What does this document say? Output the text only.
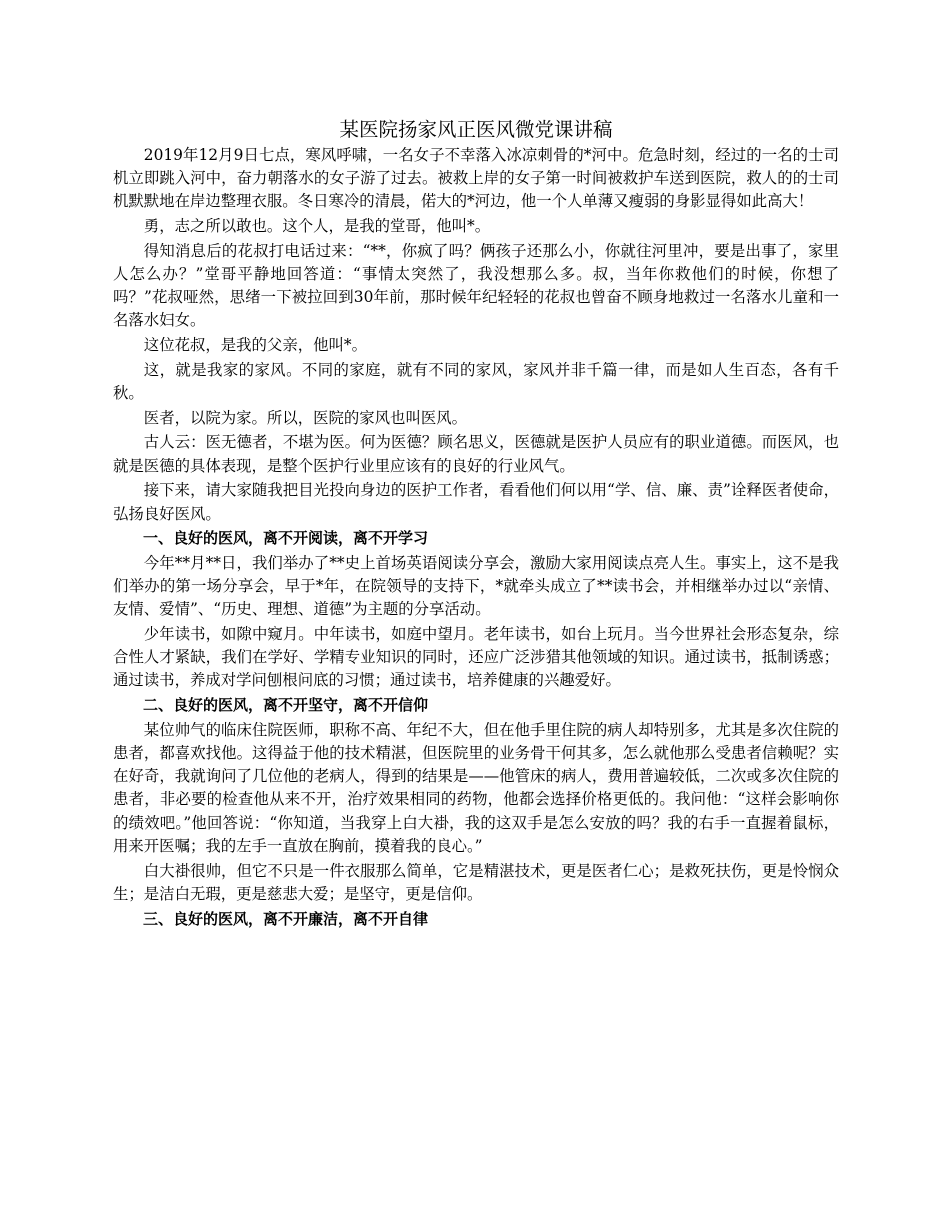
某医院扬家风正医风微党课讲稿

2019年12月9日七点，寒风呼啸，一名女子不幸落入冰凉刺骨的*河中。危急时刻，经过的一名的士司机立即跳入河中，奋力朝落水的女子游了过去。被救上岸的女子第一时间被救护车送到医院，救人的的士司机默默地在岸边整理衣服。冬日寒冷的清晨，偌大的*河边，他一个人单薄又瘦弱的身影显得如此高大！

勇，志之所以敢也。这个人，是我的堂哥，他叫*。

得知消息后的花叔打电话过来：“**，你疯了吗？俩孩子还那么小，你就往河里冲，要是出事了，家里人怎么办？”堂哥平静地回答道：“事情太突然了，我没想那么多。叔，当年你救他们的时候，你想了吗？”花叔哑然，思绪一下被拉回到30年前，那时候年纪轻轻的花叔也曾奋不顾身地救过一名落水儿童和一名落水妇女。

这位花叔，是我的父亲，他叫*。

这，就是我家的家风。不同的家庭，就有不同的家风，家风并非千篇一律，而是如人生百态，各有千秋。

医者，以院为家。所以，医院的家风也叫医风。

古人云：医无德者，不堪为医。何为医德？顾名思义，医德就是医护人员应有的职业道德。而医风，也就是医德的具体表现，是整个医护行业里应该有的良好的行业风气。

接下来，请大家随我把目光投向身边的医护工作者，看看他们何以用“学、信、廉、责”诠释医者使命，弘扬良好医风。

一、良好的医风，离不开阅读，离不开学习

今年**月**日，我们举办了**史上首场英语阅读分享会，激励大家用阅读点亮人生。事实上，这不是我们举办的第一场分享会，早于*年，在院领导的支持下，*就牵头成立了**读书会，并相继举办过以“亲情、友情、爱情”、“历史、理想、道德”为主题的分享活动。

少年读书，如隙中窥月。中年读书，如庭中望月。老年读书，如台上玩月。当今世界社会形态复杂，综合性人才紧缺，我们在学好、学精专业知识的同时，还应广泛涉猎其他领域的知识。通过读书，抵制诱惑；通过读书，养成对学问刨根问底的习惯；通过读书，培养健康的兴趣爱好。

二、良好的医风，离不开坚守，离不开信仰

某位帅气的临床住院医师，职称不高、年纪不大，但在他手里住院的病人却特别多，尤其是多次住院的患者，都喜欢找他。这得益于他的技术精湛，但医院里的业务骨干何其多，怎么就他那么受患者信赖呢？实在好奇，我就询问了几位他的老病人，得到的结果是——他管床的病人，费用普遍较低，二次或多次住院的患者，非必要的检查他从来不开，治疗效果相同的药物，他都会选择价格更低的。我问他：“这样会影响你的绩效吧。”他回答说：“你知道，当我穿上白大褂，我的这双手是怎么安放的吗？我的右手一直握着鼠标，用来开医嘱；我的左手一直放在胸前，摸着我的良心。”

白大褂很帅，但它不只是一件衣服那么简单，它是精湛技术，更是医者仁心；是救死扶伤，更是怜悯众生；是洁白无瑕，更是慈悲大爱；是坚守，更是信仰。

三、良好的医风，离不开廉洁，离不开自律
